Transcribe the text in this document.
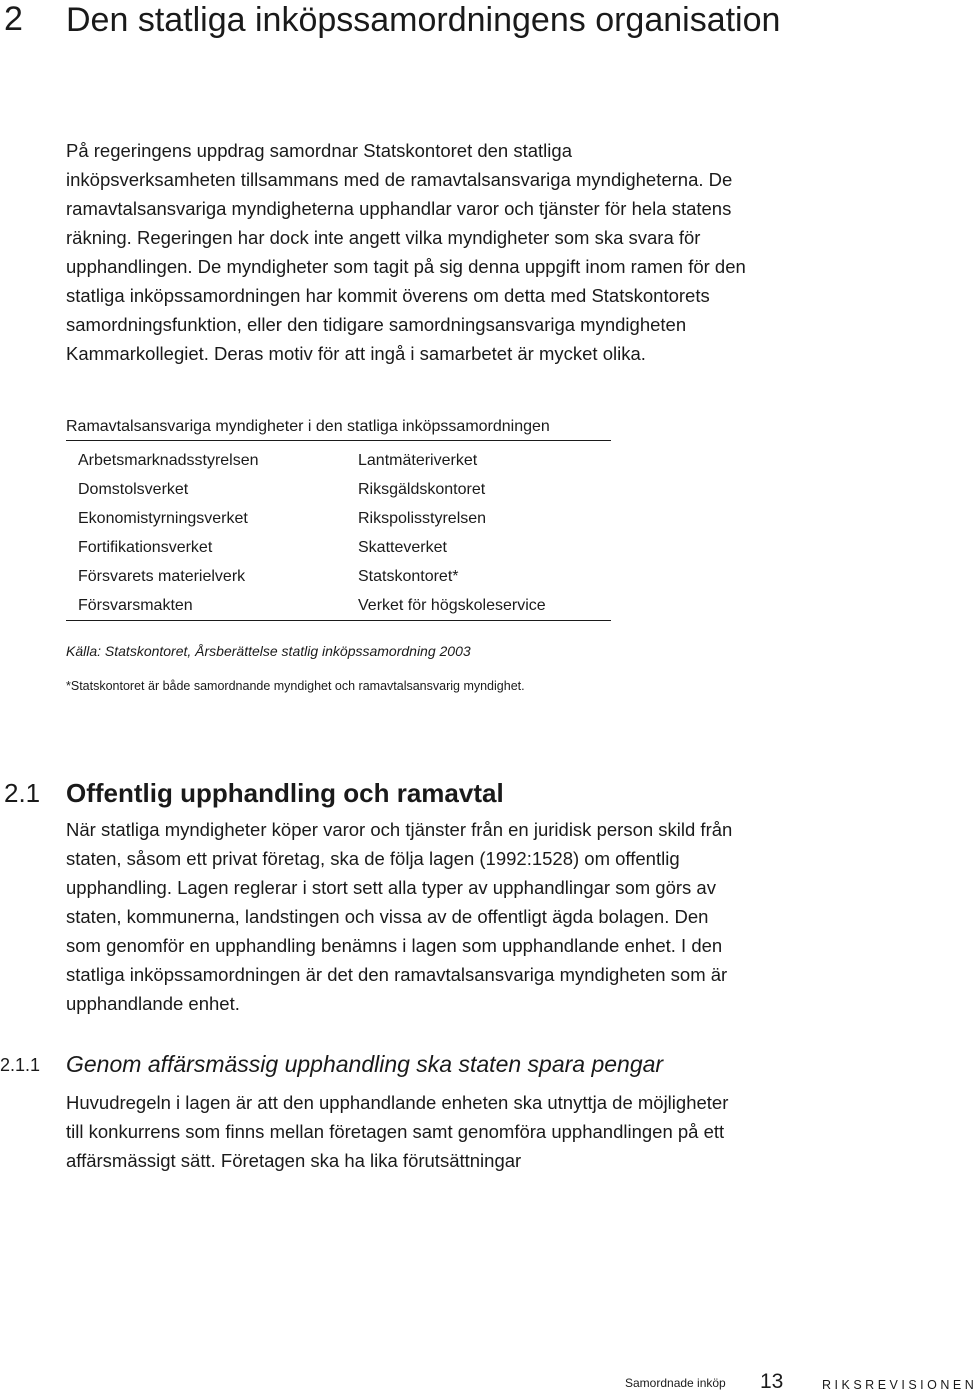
2 Den statliga inköpssamordningens organisation
På regeringens uppdrag samordnar Statskontoret den statliga inköpsverksamheten tillsammans med de ramavtalsansvariga myndigheterna. De ramavtalsansvariga myndigheterna upphandlar varor och tjänster för hela statens räkning. Regeringen har dock inte angett vilka myndigheter som ska svara för upphandlingen. De myndigheter som tagit på sig denna uppgift inom ramen för den statliga inköpssamordningen har kommit överens om detta med Statskontorets samordningsfunktion, eller den tidigare samordningsansvariga myndigheten Kammarkollegiet. Deras motiv för att ingå i samarbetet är mycket olika.
Ramavtalsansvariga myndigheter i den statliga inköpssamordningen
Arbetsmarknadsstyrelsen	Lantmäteriverket
Domstolsverket	Riksgäldskontoret
Ekonomistyrningsverket	Rikspolisstyrelsen
Fortifikationsverket	Skatteverket
Försvarets materielverk	Statskontoret*
Försvarsmakten	Verket för högskoleservice
Källa: Statskontoret, Årsberättelse statlig inköpssamordning 2003
*Statskontoret är både samordnande myndighet och ramavtalsansvarig myndighet.
2.1 Offentlig upphandling och ramavtal
När statliga myndigheter köper varor och tjänster från en juridisk person skild från staten, såsom ett privat företag, ska de följa lagen (1992:1528) om offentlig upphandling. Lagen reglerar i stort sett alla typer av upphandlingar som görs av staten, kommunerna, landstingen och vissa av de offentligt ägda bolagen. Den som genomför en upphandling benämns i lagen som upphandlande enhet. I den statliga inköpssamordningen är det den ramavtalsansvariga myndigheten som är upphandlande enhet.
2.1.1 Genom affärsmässig upphandling ska staten spara pengar
Huvudregeln i lagen är att den upphandlande enheten ska utnyttja de möjligheter till konkurrens som finns mellan företagen samt genomföra upphandlingen på ett affärsmässigt sätt. Företagen ska ha lika förutsättningar
Samordnade inköp 13	RIKSREVISIONEN
